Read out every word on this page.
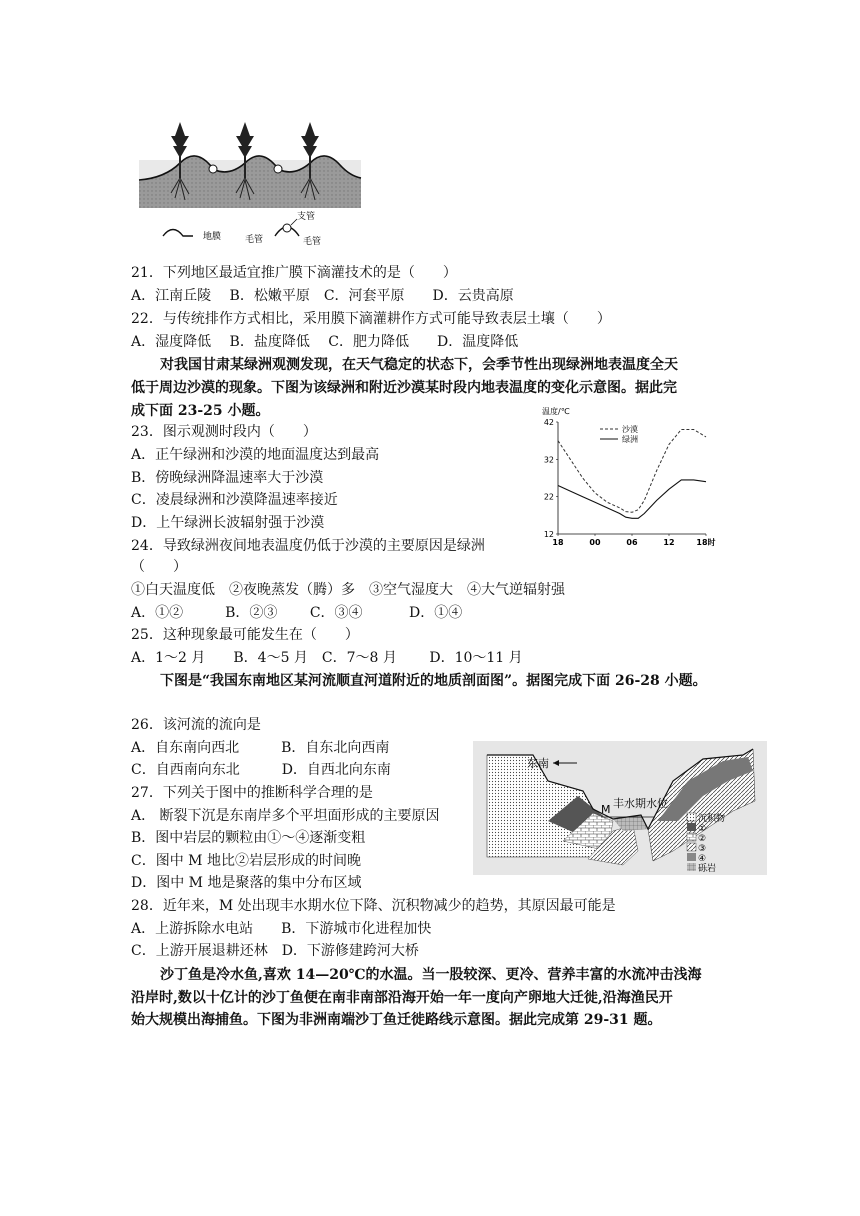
地膜
支管
毛管	毛管
21．下列地区最适宜推广膜下滴灌技术的是（　　）
A．江南丘陵　 B．松嫩平原　C．河套平原　　D．云贵高原
22．与传统排作方式相比，采用膜下滴灌耕作方式可能导致表层土壤（　　）
A．湿度降低　 B．盐度降低　 C．肥力降低　　D．温度降低
对我国甘肃某绿洲观测发现，在天气稳定的状态下，会季节性出现绿洲地表温度全天
低于周边沙漠的现象。下图为该绿洲和附近沙漠某时段内地表温度的变化示意图。据此完
成下面 23-25 小题。
23．图示观测时段内（　　）
A．正午绿洲和沙漠的地面温度达到最高
B．傍晚绿洲降温速率大于沙漠
C．凌晨绿洲和沙漠降温速率接近
D．上午绿洲长波辐射强于沙漠
温度/℃
12
22
32
42
18	00	06	12	18时
沙漠
绿洲
24．导致绿洲夜间地表温度仍低于沙漠的主要原因是绿洲
（　　）
①白天温度低　②夜晚蒸发（腾）多　③空气湿度大　④大气逆辐射强
A．①②　　　B．②③　　 C．③④　　　 D．①④
25．这种现象最可能发生在（　　）
A．1～2 月　　B．4～5 月　C．7～8 月　　 D．10～11 月
下图是“我国东南地区某河流顺直河道附近的地质剖面图”。据图完成下面 26-28 小题。
26．该河流的流向是
A．自东南向西北　　　B．自东北向西南
C．自西南向东北　　　D．自西北向东南
27．下列关于图中的推断科学合理的是
A． 断裂下沉是东南岸多个平坦面形成的主要原因
B．图中岩层的颗粒由①～④逐渐变粗
C．图中 M 地比②岩层形成的时间晚
D．图中 M 地是聚落的集中分布区域
东南
M 丰水期水位
沉积物
①
②
③
④
砾岩
28．近年来，M 处出现丰水期水位下降、沉积物减少的趋势，其原因最可能是
A．上游拆除水电站　　B．下游城市化进程加快
C．上游开展退耕还林　D．下游修建跨河大桥
沙丁鱼是冷水鱼,喜欢 14—20℃的水温。当一股较深、更冷、营养丰富的水流冲击浅海
沿岸时,数以十亿计的沙丁鱼便在南非南部沿海开始一年一度向产卵地大迁徙,沿海渔民开
始大规模出海捕鱼。下图为非洲南端沙丁鱼迁徙路线示意图。据此完成第 29-31 题。
